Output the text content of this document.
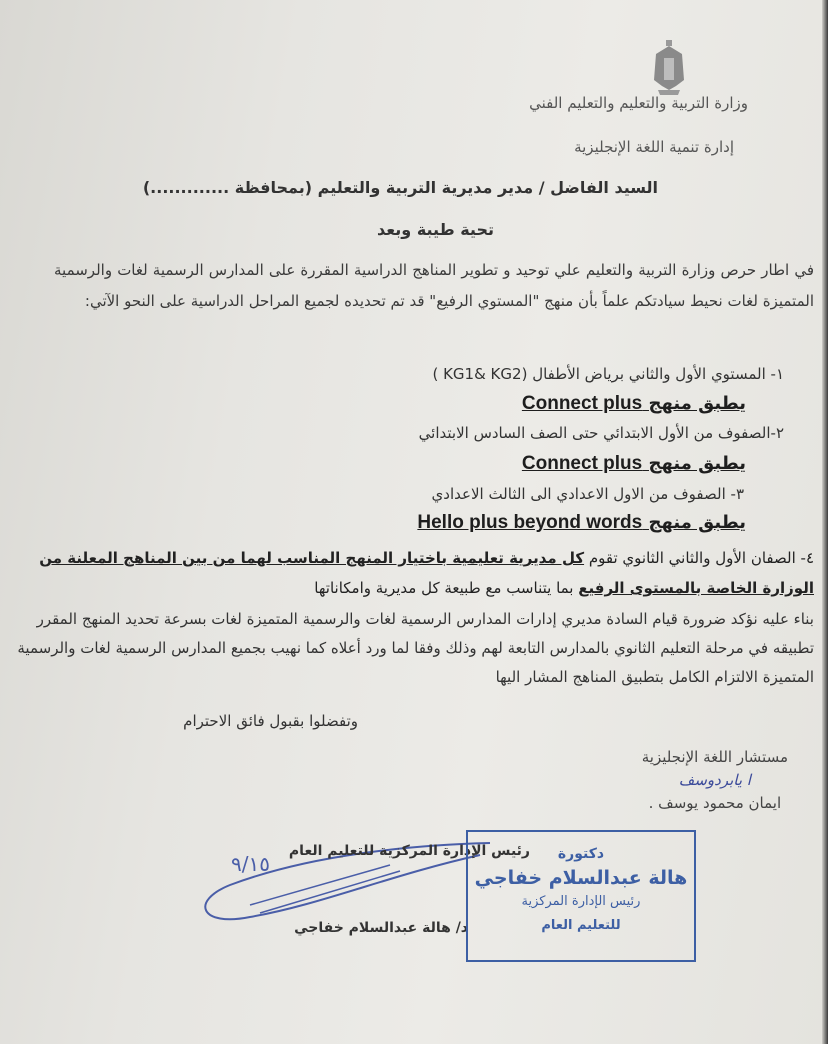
وزارة التربية والتعليم والتعليم الفني
إدارة تنمية اللغة الإنجليزية
السيد الفاضل / مدير مديرية التربية والتعليم (بمحافظة .............)
تحية طيبة وبعد
في اطار حرص وزارة التربية والتعليم علي توحيد و تطوير المناهج الدراسية المقررة على المدارس الرسمية لغات والرسمية المتميزة لغات نحيط سيادتكم علماً بأن منهج "المستوي الرفيع" قد تم تحديده لجميع المراحل الدراسية على النحو الآتي:
١- المستوي الأول والثاني برياض الأطفال (KG1& KG2 )
يطبق منهج Connect plus
٢-الصفوف من الأول الابتدائي حتى الصف السادس الابتدائي
يطبق منهج Connect plus
٣- الصفوف من الاول الاعدادي الى الثالث الاعدادي
يطبق منهج Hello plus beyond words
٤- الصفان الأول والثاني الثانوي تقوم كل مديرية تعليمية باختيار المنهج المناسب لهما من بين المناهج المعلنة من الوزارة الخاصة بالمستوى الرفيع بما يتناسب مع طبيعة كل مديرية وامكاناتها
بناء عليه نؤكد ضرورة قيام السادة مديري إدارات المدارس الرسمية لغات والرسمية المتميزة لغات بسرعة تحديد المنهج المقرر تطبيقه في مرحلة التعليم الثانوي بالمدارس التابعة لهم وذلك وفقا لما ورد أعلاه كما نهيب بجميع المدارس الرسمية لغات والرسمية المتميزة الالتزام الكامل بتطبيق المناهج المشار اليها
وتفضلوا بقبول فائق الاحترام
مستشار اللغة الإنجليزية
ا يابردوسف
ايمان محمود يوسف .
٩/١٥
رئيس الإدارة المركزية للتعليم العام
د/ هالة عبدالسلام خفاجي
دكتورة
هالة عبدالسلام خفاجي
رئيس الإدارة المركزية
للتعليم العام
